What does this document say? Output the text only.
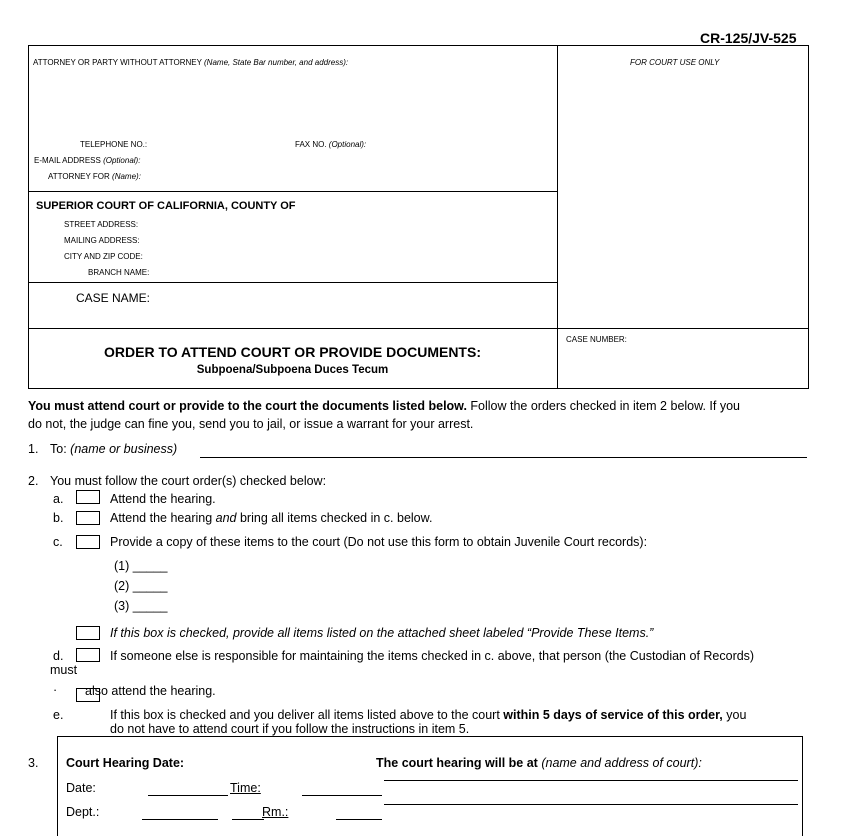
CR-125/JV-525
ATTORNEY OR PARTY WITHOUT ATTORNEY (Name, State Bar number, and address):	FOR COURT USE ONLY
TELEPHONE NO.:	FAX NO. (Optional):
E-MAIL ADDRESS (Optional):
ATTORNEY FOR (Name):
SUPERIOR COURT OF CALIFORNIA, COUNTY OF
STREET ADDRESS:
MAILING ADDRESS:
CITY AND ZIP CODE:
BRANCH NAME:
CASE NAME:
CASE NUMBER:
ORDER TO ATTEND COURT OR PROVIDE DOCUMENTS:
Subpoena/Subpoena Duces Tecum
You must attend court or provide to the court the documents listed below. Follow the orders checked in item 2 below. If you
do not, the judge can fine you, send you to jail, or issue a warrant for your arrest.
1. To: (name or business)
2. You must follow the court order(s) checked below:
a.	Attend the hearing.
b.	Attend the hearing and bring all items checked in c. below.
c.	Provide a copy of these items to the court (Do not use this form to obtain Juvenile Court records):
(1) _____
(2) _____
(3) _____
If this box is checked, provide all items listed on the attached sheet labeled “Provide These Items.”
d.	If someone else is responsible for maintaining the items checked in c. above, that person (the Custodian of Records)
must
· also attend the hearing.
e.	If this box is checked and you deliver all items listed above to the court within 5 days of service of this order, you
do not have to attend court if you follow the instructions in item 5.
3. Court Hearing Date:	The court hearing will be at (name and address of court):
Date:	Time:
Dept.:	Rm.:
